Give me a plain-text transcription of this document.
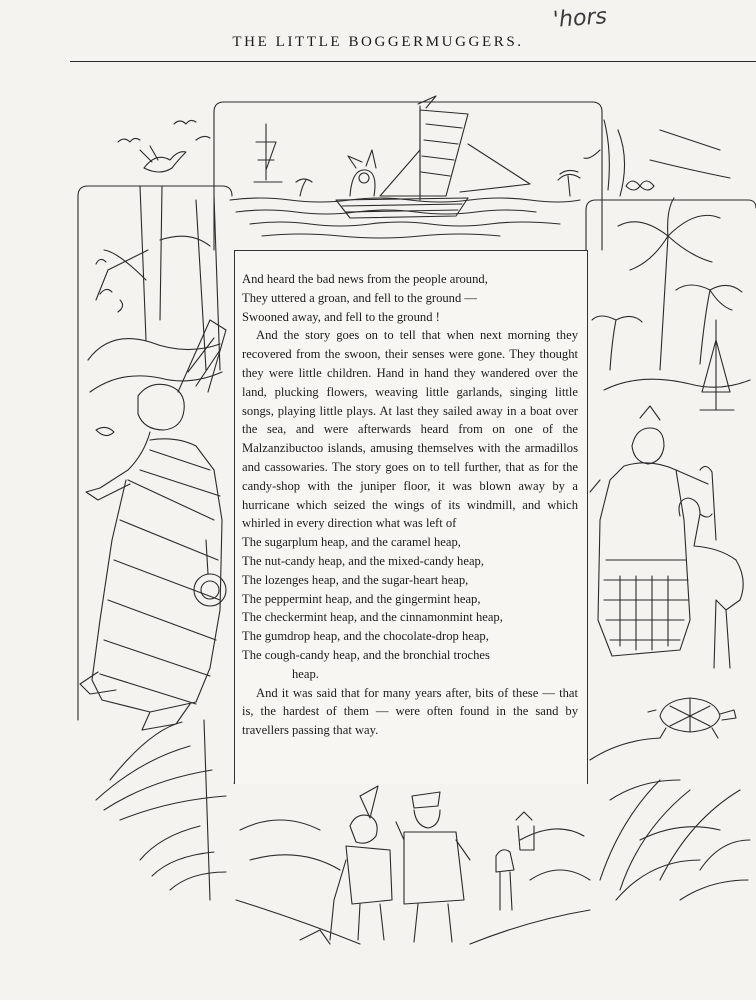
'hors
THE LITTLE BOGGERMUGGERS.

And heard the bad news from the people around,
They uttered a groan, and fell to the ground —
Swooned away, and fell to the ground !

And the story goes on to tell that when next morning they recovered from the swoon, their senses were gone. They thought they were little children. Hand in hand they wandered over the land, plucking flowers, weaving little garlands, singing little songs, playing little plays. At last they sailed away in a boat over the sea, and were afterwards heard from on one of the Malzanzibuctoo islands, amusing themselves with the armadillos and cassowaries. The story goes on to tell further, that as for the candy-shop with the juniper floor, it was blown away by a hurricane which seized the wings of its windmill, and which whirled in every direction what was left of

The sugarplum heap, and the caramel heap,
The nut-candy heap, and the mixed-candy heap,
The lozenges heap, and the sugar-heart heap,
The peppermint heap, and the gingermint heap,
The checkermint heap, and the cinnamonmint heap,
The gumdrop heap, and the chocolate-drop heap,
The cough-candy heap, and the bronchial troches
heap.

And it was said that for many years after, bits of these — that is, the hardest of them — were often found in the sand by travellers passing that way.
